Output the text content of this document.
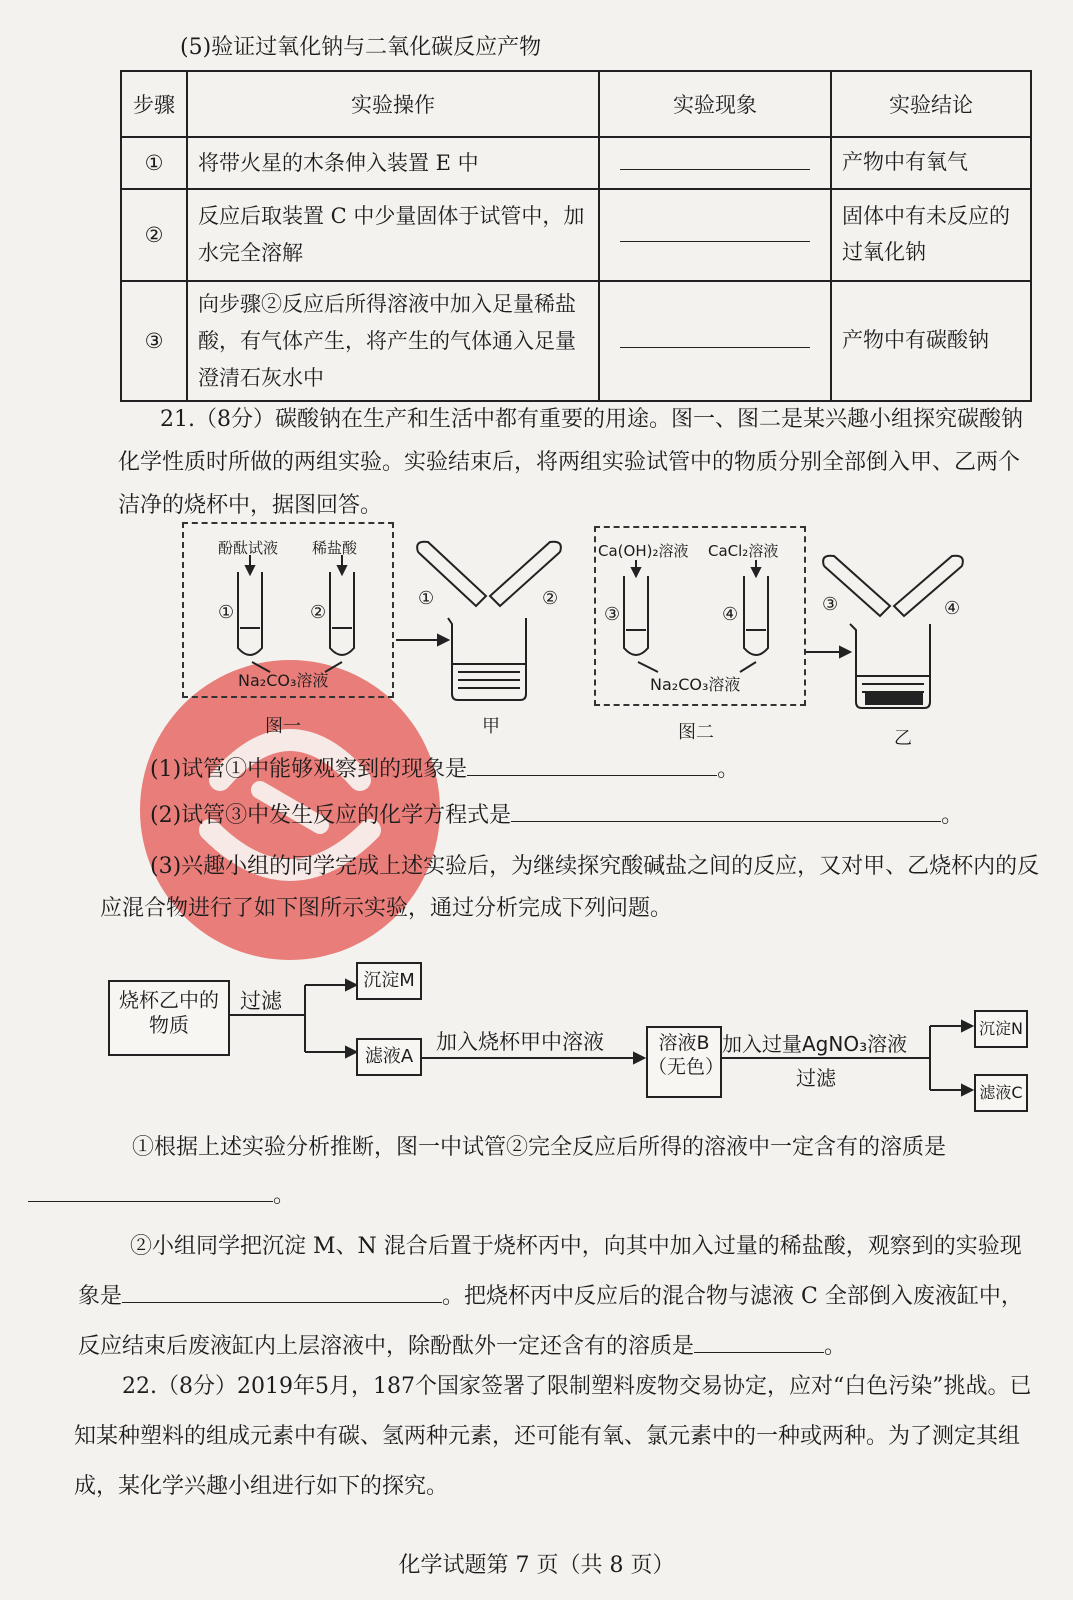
(5)验证过氧化钠与二氧化碳反应产物
步骤	实验操作	实验现象	实验结论
①	将带火星的木条伸入装置 E 中		产物中有氧气
②	反应后取装置 C 中少量固体于试管中，加水完全溶解		固体中有未反应的过氧化钠
③	向步骤②反应后所得溶液中加入足量稀盐酸，有气体产生，将产生的气体通入足量澄清石灰水中		产物中有碳酸钠
21.（8分）碳酸钠在生产和生活中都有重要的用途。图一、图二是某兴趣小组探究碳酸钠化学性质时所做的两组实验。实验结束后，将两组实验试管中的物质分别全部倒入甲、乙两个洁净的烧杯中，据图回答。
酚酞试液 稀盐酸
①	②
Na₂CO₃溶液
图一
①	②
甲
Ca(OH)₂溶液 CaCl₂溶液
③	④
Na₂CO₃溶液
图二
③	④
乙
(1)试管①中能够观察到的现象是	。
(2)试管③中发生反应的化学方程式是	。
(3)兴趣小组的同学完成上述实验后，为继续探究酸碱盐之间的反应，又对甲、乙烧杯内的反应混合物进行了如下图所示实验，通过分析完成下列问题。
烧杯乙中的物质
过滤
沉淀M
滤液A
加入烧杯甲中溶液	溶液B（无色）
加入过量AgNO₃溶液
过滤
沉淀N
滤液C
①根据上述实验分析推断，图一中试管②完全反应后所得的溶液中一定含有的溶质是
。
②小组同学把沉淀 M、N 混合后置于烧杯丙中，向其中加入过量的稀盐酸，观察到的实验现象是	。把烧杯丙中反应后的混合物与滤液 C 全部倒入废液缸中，反应结束后废液缸内上层溶液中，除酚酞外一定还含有的溶质是	。
22.（8分）2019年5月，187个国家签署了限制塑料废物交易协定，应对“白色污染”挑战。已知某种塑料的组成元素中有碳、氢两种元素，还可能有氧、氯元素中的一种或两种。为了测定其组成，某化学兴趣小组进行如下的探究。
化学试题第 7 页（共 8 页）
